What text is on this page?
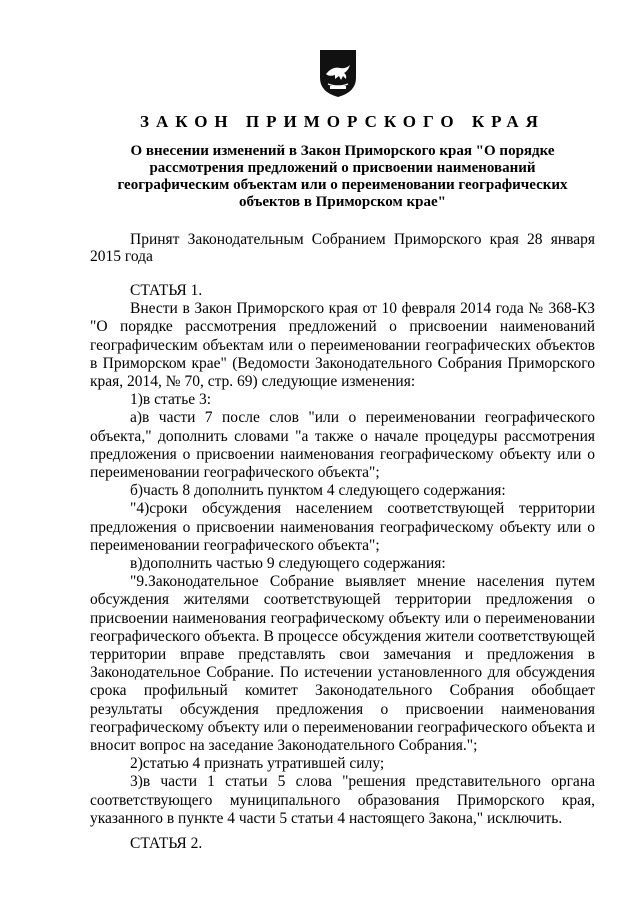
ЗАКОН ПРИМОРСКОГО КРАЯ
О внесении изменений в Закон Приморского края "О порядке рассмотрения предложений о присвоении наименований географическим объектам или о переименовании географических объектов в Приморском крае"
Принят Законодательным Собранием Приморского края 28 января 2015 года

СТАТЬЯ 1.

Внести в Закон Приморского края от 10 февраля 2014 года № 368-КЗ "О порядке рассмотрения предложений о присвоении наименований географическим объектам или о переименовании географических объектов в Приморском крае" (Ведомости Законодательного Собрания Приморского края, 2014, № 70, стр. 69) следующие изменения:

1)в статье 3:

а)в части 7 после слов "или о переименовании географического объекта," дополнить словами "а также о начале процедуры рассмотрения предложения о присвоении наименования географическому объекту или о переименовании географического объекта";

б)часть 8 дополнить пунктом 4 следующего содержания:

"4)сроки обсуждения населением соответствующей территории предложения о присвоении наименования географическому объекту или о переименовании географического объекта";

в)дополнить частью 9 следующего содержания:

"9.Законодательное Собрание выявляет мнение населения путем обсуждения жителями соответствующей территории предложения о присвоении наименования географическому объекту или о переименовании географического объекта. В процессе обсуждения жители соответствующей территории вправе представлять свои замечания и предложения в Законодательное Собрание. По истечении установленного для обсуждения срока профильный комитет Законодательного Собрания обобщает результаты обсуждения предложения о присвоении наименования географическому объекту или о переименовании географического объекта и вносит вопрос на заседание Законодательного Собрания.";

2)статью 4 признать утратившей силу;

3)в части 1 статьи 5 слова "решения представительного органа соответствующего муниципального образования Приморского края, указанного в пункте 4 части 5 статьи 4 настоящего Закона," исключить.

СТАТЬЯ 2.
